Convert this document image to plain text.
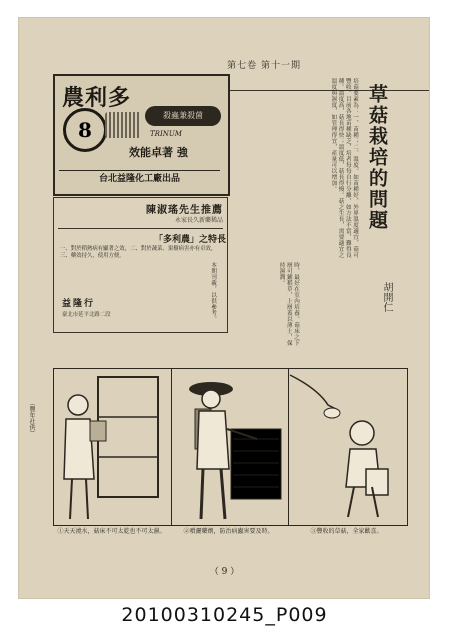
第七卷 第十一期
草菇栽培的問題
胡開仁
培菇要素為：一、苗種；二、溫度。如苗種好，外界溫度適宜，菇可豐收。目前各地苗種缺乏，培者每每自行分離，如方法不當，難得良種。溫度高，菇長得快；溫度低，菇長得慢。菇之生長，需要適宜之溫度與濕度，如管理得宜，產量可以增加。
時，最好在室內培養。菇床之下層可鋪稻草，上層蓋以薄土，保持濕潤。
本期刊載，以供參考。
農利多
8
殺蟲兼殺菌
TRINUM
效能卓著 強
台北益隆化工廠出品
陳淑瑤先生推薦
永家長久新藥稀品
「多利農」之特長
一、對於稻熱病有顯著之效，二、對於蔬菜、果樹病害亦有卓效，三、藥效持久，使用方便。
益隆行
臺北市延平北路二段
（豐年社供）
①天天澆水，菇床不可太乾也不可太濕。	②噴灑藥劑，防治病蟲害要及時。	③豐收的草菇，全家歡喜。
（ 9 ）
20100310245_P009
